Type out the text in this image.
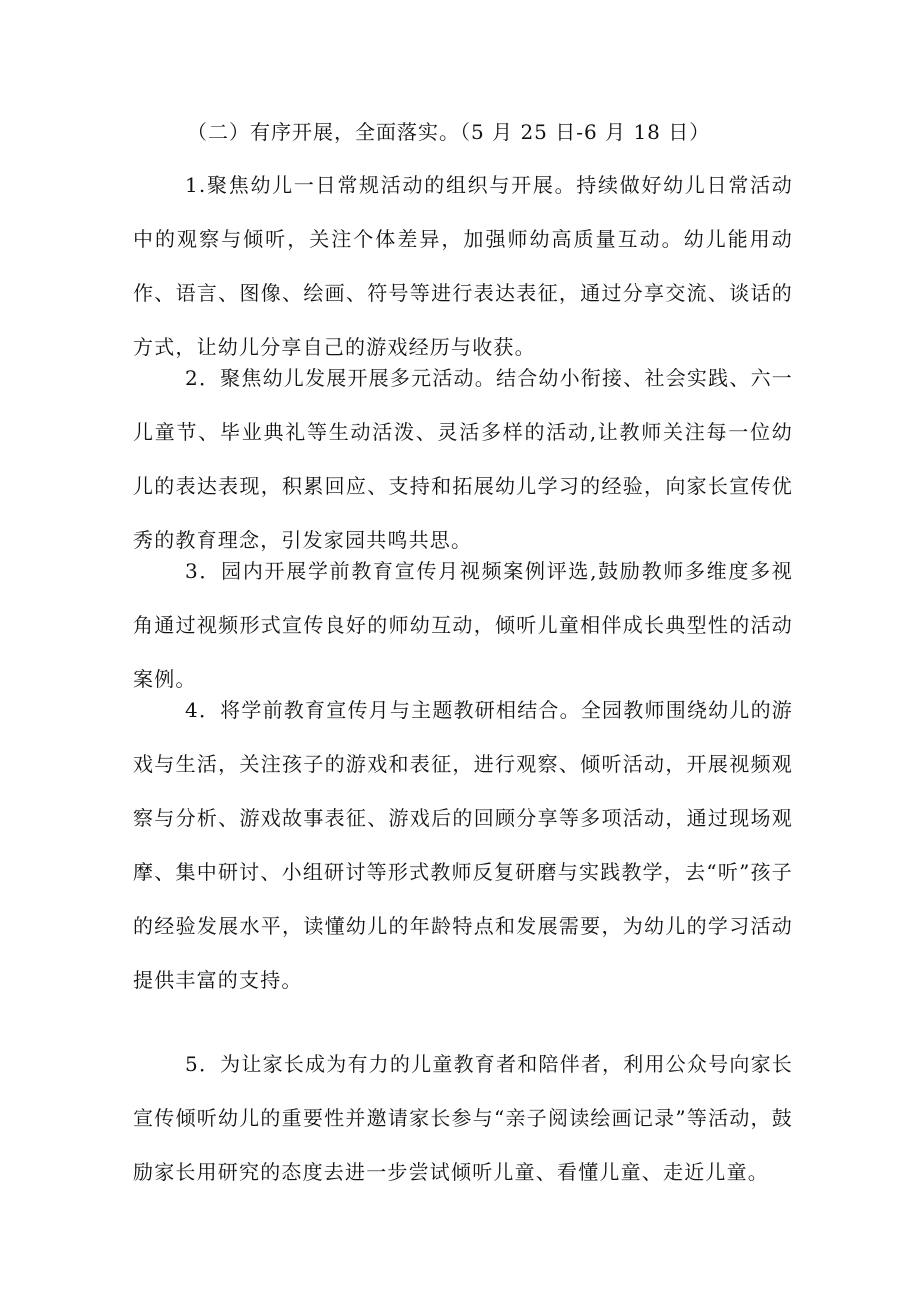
（二）有序开展，全面落实。（5 月 25 日-6 月 18 日）

1.聚焦幼儿一日常规活动的组织与开展。持续做好幼儿日常活动中的观察与倾听，关注个体差异，加强师幼高质量互动。幼儿能用动作、语言、图像、绘画、符号等进行表达表征，通过分享交流、谈话的方式，让幼儿分享自己的游戏经历与收获。

2．聚焦幼儿发展开展多元活动。结合幼小衔接、社会实践、六一儿童节、毕业典礼等生动活泼、灵活多样的活动,让教师关注每一位幼儿的表达表现，积累回应、支持和拓展幼儿学习的经验，向家长宣传优秀的教育理念，引发家园共鸣共思。

3．园内开展学前教育宣传月视频案例评选,鼓励教师多维度多视角通过视频形式宣传良好的师幼互动，倾听儿童相伴成长典型性的活动案例。

4．将学前教育宣传月与主题教研相结合。全园教师围绕幼儿的游戏与生活，关注孩子的游戏和表征，进行观察、倾听活动，开展视频观察与分析、游戏故事表征、游戏后的回顾分享等多项活动，通过现场观摩、集中研讨、小组研讨等形式教师反复研磨与实践教学，去“听”孩子的经验发展水平，读懂幼儿的年龄特点和发展需要，为幼儿的学习活动提供丰富的支持。

5．为让家长成为有力的儿童教育者和陪伴者，利用公众号向家长宣传倾听幼儿的重要性并邀请家长参与“亲子阅读绘画记录”等活动，鼓励家长用研究的态度去进一步尝试倾听儿童、看懂儿童、走近儿童。
